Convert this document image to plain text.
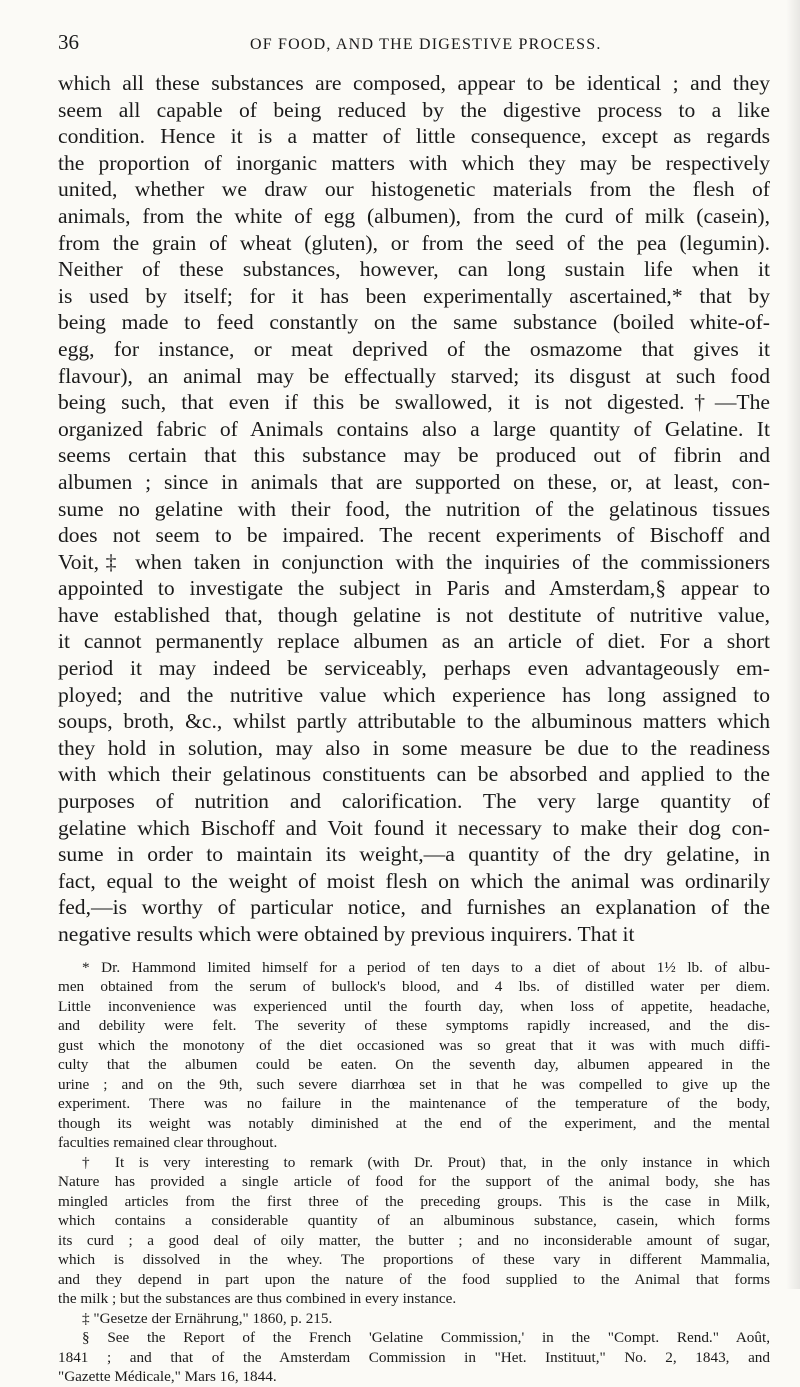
36	OF FOOD, AND THE DIGESTIVE PROCESS.

which all these substances are composed, appear to be identical ; and they

seem all capable of being reduced by the digestive process to a like

condition. Hence it is a matter of little consequence, except as regards

the proportion of inorganic matters with which they may be respectively

united, whether we draw our histogenetic materials from the flesh of

animals, from the white of egg (albumen), from the curd of milk (casein),

from the grain of wheat (gluten), or from the seed of the pea (legumin).

Neither of these substances, however, can long sustain life when it

is used by itself; for it has been experimentally ascertained,* that by

being made to feed constantly on the same substance (boiled white-of-

egg, for instance, or meat deprived of the osmazome that gives it

flavour), an animal may be effectually starved; its disgust at such food

being such, that even if this be swallowed, it is not digested.†—The

organized fabric of Animals contains also a large quantity of Gelatine. It

seems certain that this substance may be produced out of fibrin and

albumen ; since in animals that are supported on these, or, at least, con-

sume no gelatine with their food, the nutrition of the gelatinous tissues

does not seem to be impaired. The recent experiments of Bischoff and

Voit,‡ when taken in conjunction with the inquiries of the commissioners

appointed to investigate the subject in Paris and Amsterdam,§ appear to

have established that, though gelatine is not destitute of nutritive value,

it cannot permanently replace albumen as an article of diet. For a short

period it may indeed be serviceably, perhaps even advantageously em-

ployed; and the nutritive value which experience has long assigned to

soups, broth, &c., whilst partly attributable to the albuminous matters which

they hold in solution, may also in some measure be due to the readiness

with which their gelatinous constituents can be absorbed and applied to the

purposes of nutrition and calorification. The very large quantity of

gelatine which Bischoff and Voit found it necessary to make their dog con-

sume in order to maintain its weight,—a quantity of the dry gelatine, in

fact, equal to the weight of moist flesh on which the animal was ordinarily

fed,—is worthy of particular notice, and furnishes an explanation of the

negative results which were obtained by previous inquirers. That it

* Dr. Hammond limited himself for a period of ten days to a diet of about 1½ lb. of albu-

men obtained from the serum of bullock's blood, and 4 lbs. of distilled water per diem.

Little inconvenience was experienced until the fourth day, when loss of appetite, headache,

and debility were felt. The severity of these symptoms rapidly increased, and the dis-

gust which the monotony of the diet occasioned was so great that it was with much diffi-

culty that the albumen could be eaten. On the seventh day, albumen appeared in the

urine ; and on the 9th, such severe diarrhœa set in that he was compelled to give up the

experiment. There was no failure in the maintenance of the temperature of the body,

though its weight was notably diminished at the end of the experiment, and the mental

faculties remained clear throughout.

† It is very interesting to remark (with Dr. Prout) that, in the only instance in which

Nature has provided a single article of food for the support of the animal body, she has

mingled articles from the first three of the preceding groups. This is the case in Milk,

which contains a considerable quantity of an albuminous substance, casein, which forms

its curd ; a good deal of oily matter, the butter ; and no inconsiderable amount of sugar,

which is dissolved in the whey. The proportions of these vary in different Mammalia,

and they depend in part upon the nature of the food supplied to the Animal that forms

the milk ; but the substances are thus combined in every instance.

‡ "Gesetze der Ernährung," 1860, p. 215.

§ See the Report of the French 'Gelatine Commission,' in the "Compt. Rend." Août,

1841 ; and that of the Amsterdam Commission in "Het. Instituut," No. 2, 1843, and

"Gazette Médicale," Mars 16, 1844.
